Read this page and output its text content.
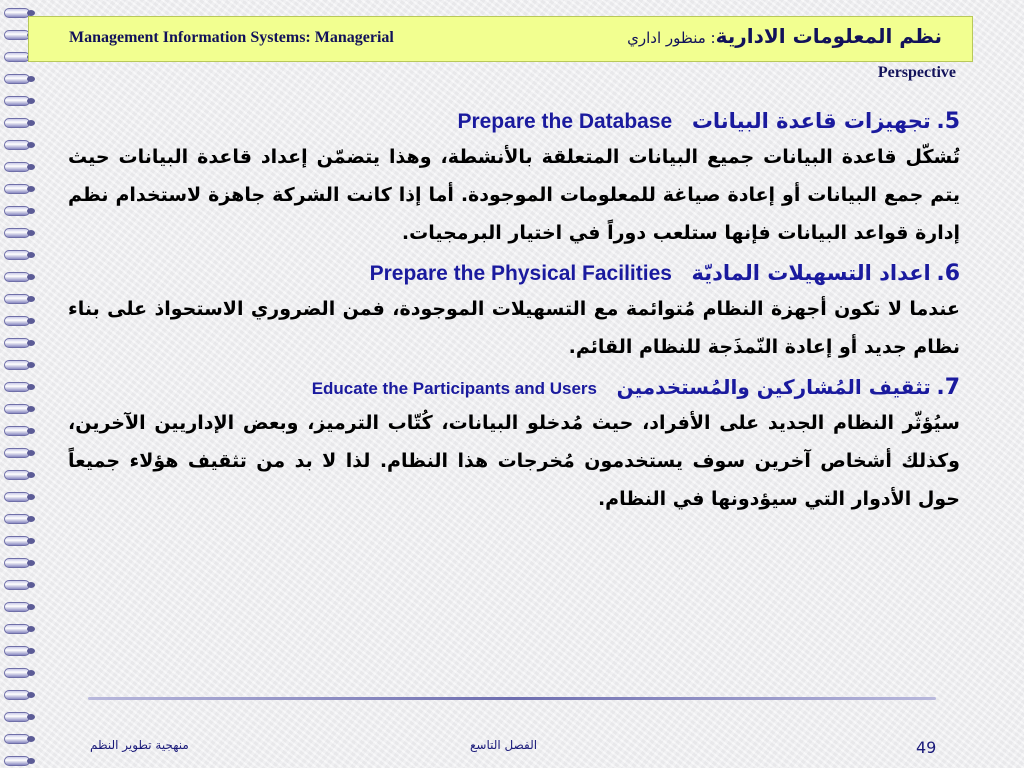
نظم المعلومات الادارية: منظور اداري
Management Information Systems: Managerial
Perspective
5. تجهيزات قاعدة البيانات Prepare the Database
تُشكّل قاعدة البيانات جميع البيانات المتعلقة بالأنشطة، وهذا يتضمّن إعداد قاعدة البيانات حيث يتم جمع البيانات أو إعادة صياغة للمعلومات الموجودة. أما إذا كانت الشركة جاهزة لاستخدام نظم إدارة قواعد البيانات فإنها ستلعب دوراً في اختيار البرمجيات.
6. اعداد التسهيلات الماديّة Prepare the Physical Facilities
عندما لا تكون أجهزة النظام مُتوائمة مع التسهيلات الموجودة، فمن الضروري الاستحواذ على بناء نظام جديد أو إعادة النّمذَجة للنظام القائم.
7. تثقيف المُشاركين والمُستخدمين Educate the Participants and Users
سيُؤثّر النظام الجديد على الأفراد، حيث مُدخلو البيانات، كُتّاب الترميز، وبعض الإداريين الآخرين، وكذلك أشخاص آخرين سوف يستخدمون مُخرجات هذا النظام. لذا لا بد من تثقيف هؤلاء جميعاً حول الأدوار التي سيؤدونها في النظام.
منهجية تطوير النظم	الفصل التاسع	49
